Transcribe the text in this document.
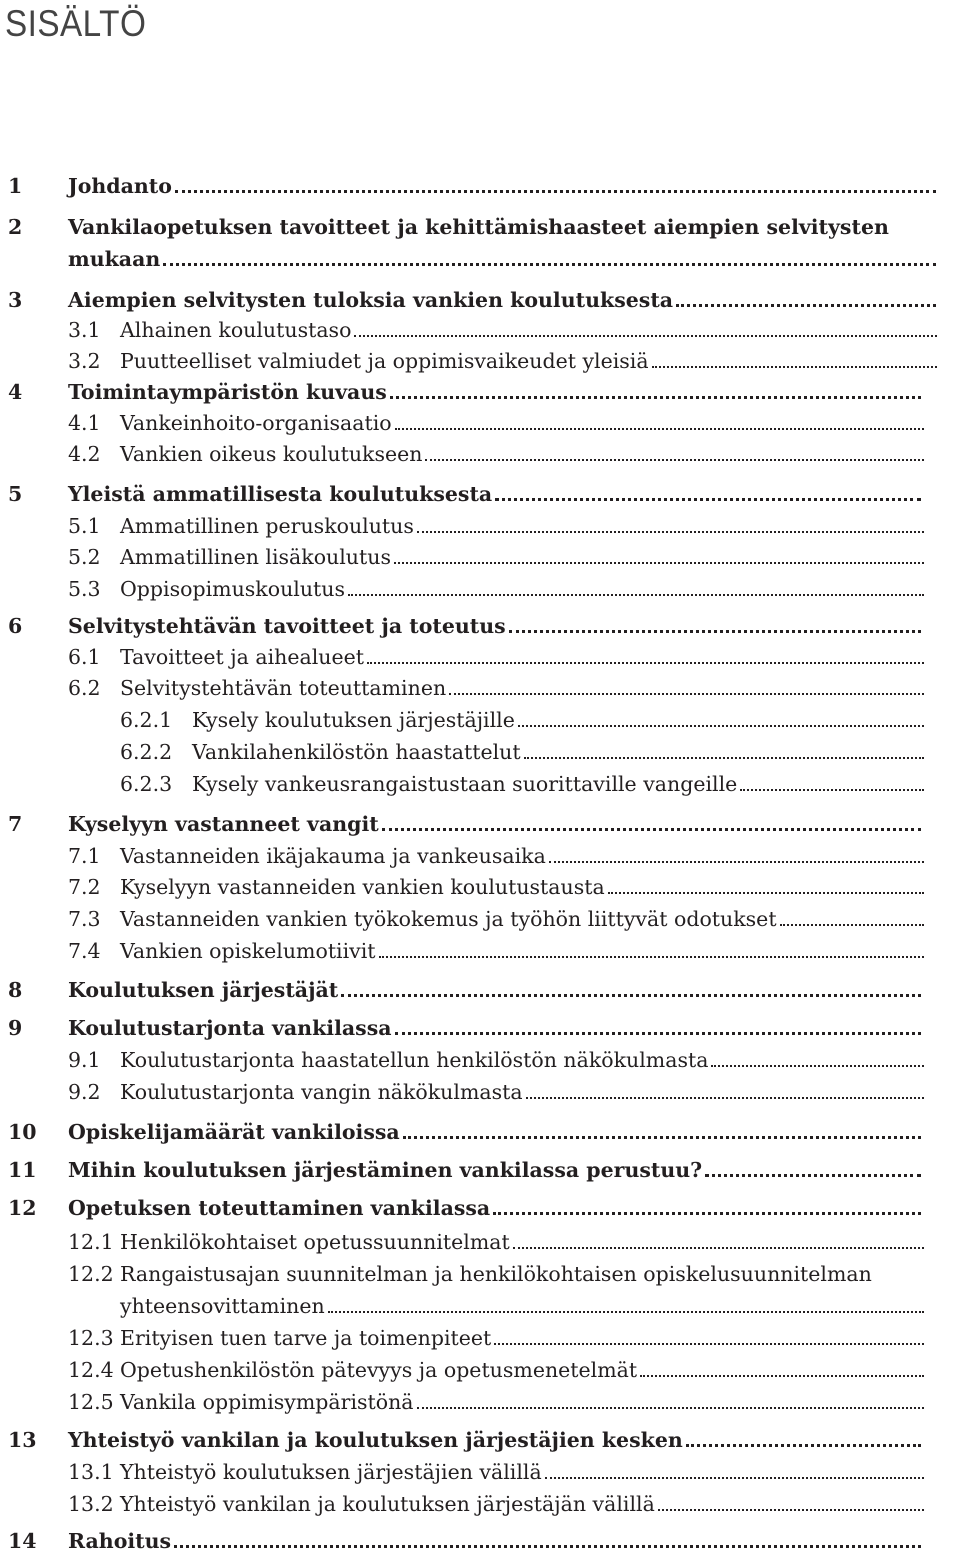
SISÄLTÖ
1 Johdanto
2 Vankilaopetuksen tavoitteet ja kehittämishaasteet aiempien selvitysten
mukaan
3 Aiempien selvitysten tuloksia vankien koulutuksesta
3.1 Alhainen koulutustaso
3.2 Puutteelliset valmiudet ja oppimisvaikeudet yleisiä
4 Toimintaympäristön kuvaus
4.1 Vankeinhoito-organisaatio
4.2 Vankien oikeus koulutukseen
5 Yleistä ammatillisesta koulutuksesta
5.1 Ammatillinen peruskoulutus
5.2 Ammatillinen lisäkoulutus
5.3 Oppisopimuskoulutus
6 Selvitystehtävän tavoitteet ja toteutus
6.1 Tavoitteet ja aihealueet
6.2 Selvitystehtävän toteuttaminen
6.2.1 Kysely koulutuksen järjestäjille
6.2.2 Vankilahenkilöstön haastattelut
6.2.3 Kysely vankeusrangaistustaan suorittaville vangeille
7 Kyselyyn vastanneet vangit
7.1 Vastanneiden ikäjakauma ja vankeusaika
7.2 Kyselyyn vastanneiden vankien koulutustausta
7.3 Vastanneiden vankien työkokemus ja työhön liittyvät odotukset
7.4 Vankien opiskelumotiivit
8 Koulutuksen järjestäjät
9 Koulutustarjonta vankilassa
9.1 Koulutustarjonta haastatellun henkilöstön näkökulmasta
9.2 Koulutustarjonta vangin näkökulmasta
10 Opiskelijamäärät vankiloissa
11 Mihin koulutuksen järjestäminen vankilassa perustuu?
12 Opetuksen toteuttaminen vankilassa
12.1 Henkilökohtaiset opetussuunnitelmat
12.2 Rangaistusajan suunnitelman ja henkilökohtaisen opiskelusuunnitelman
yhteensovittaminen
12.3 Erityisen tuen tarve ja toimenpiteet
12.4 Opetushenkilöstön pätevyys ja opetusmenetelmät
12.5 Vankila oppimisympäristönä
13 Yhteistyö vankilan ja koulutuksen järjestäjien kesken
13.1 Yhteistyö koulutuksen järjestäjien välillä
13.2 Yhteistyö vankilan ja koulutuksen järjestäjän välillä
14 Rahoitus
